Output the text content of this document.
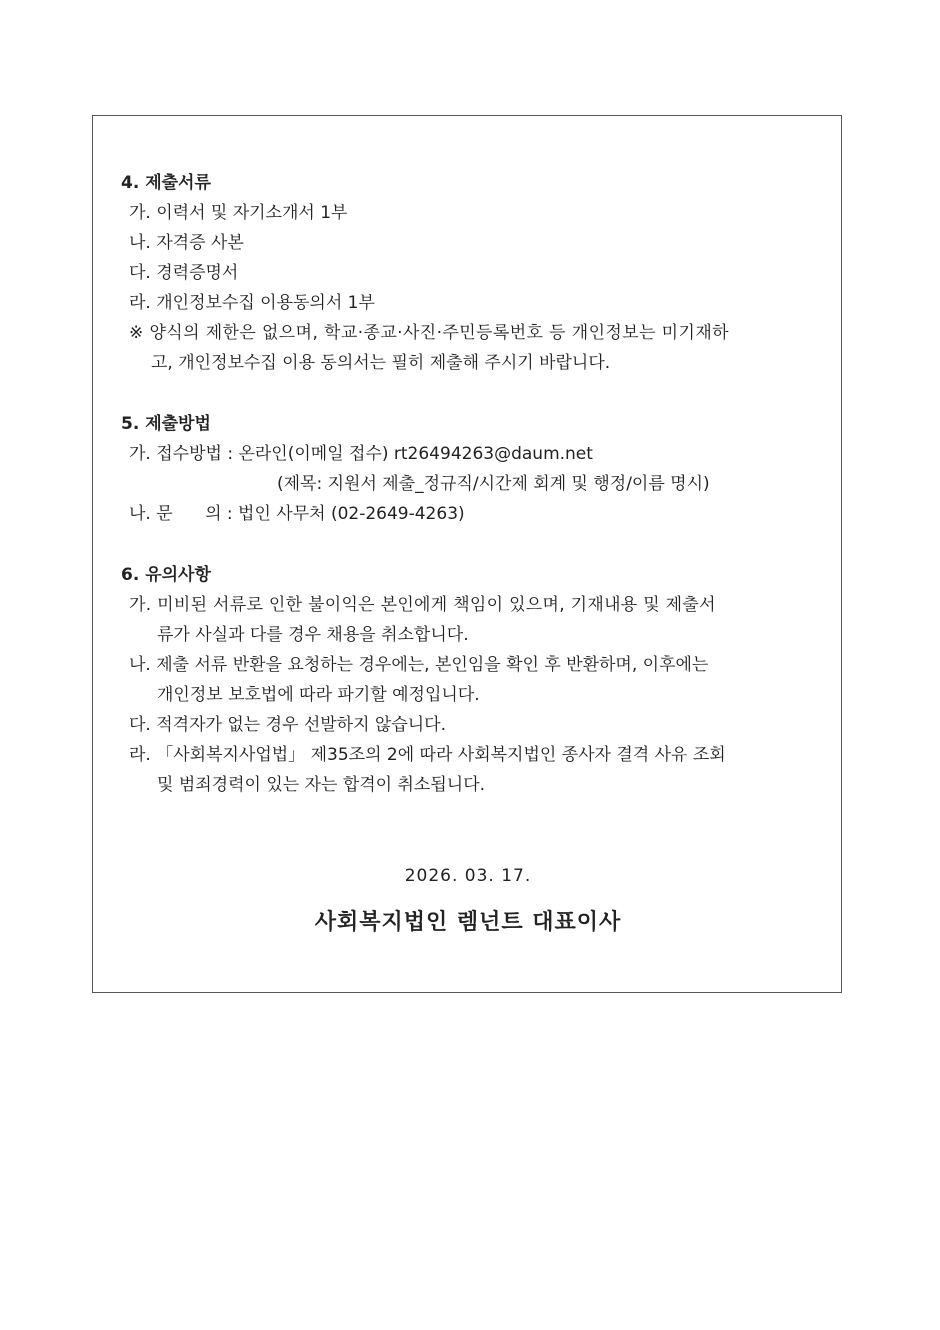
4. 제출서류
가. 이력서 및 자기소개서 1부
나. 자격증 사본
다. 경력증명서
라. 개인정보수집 이용동의서 1부
※ 양식의 제한은 없으며, 학교·종교·사진·주민등록번호 등 개인정보는 미기재하
고, 개인정보수집 이용 동의서는 필히 제출해 주시기 바랍니다.
5. 제출방법
가. 접수방법 : 온라인(이메일 접수) rt26494263@daum.net
(제목: 지원서 제출_정규직/시간제 회계 및 행정/이름 명시)
나. 문      의 : 법인 사무처 (02-2649-4263)
6. 유의사항
가. 미비된 서류로 인한 불이익은 본인에게 책임이 있으며, 기재내용 및 제출서
류가 사실과 다를 경우 채용을 취소합니다.
나. 제출 서류 반환을 요청하는 경우에는, 본인임을 확인 후 반환하며, 이후에는
개인정보 보호법에 따라 파기할 예정입니다.
다. 적격자가 없는 경우 선발하지 않습니다.
라. 「사회복지사업법」 제35조의 2에 따라 사회복지법인 종사자 결격 사유 조회
및 범죄경력이 있는 자는 합격이 취소됩니다.
2026. 03. 17.
사회복지법인 렘넌트 대표이사
